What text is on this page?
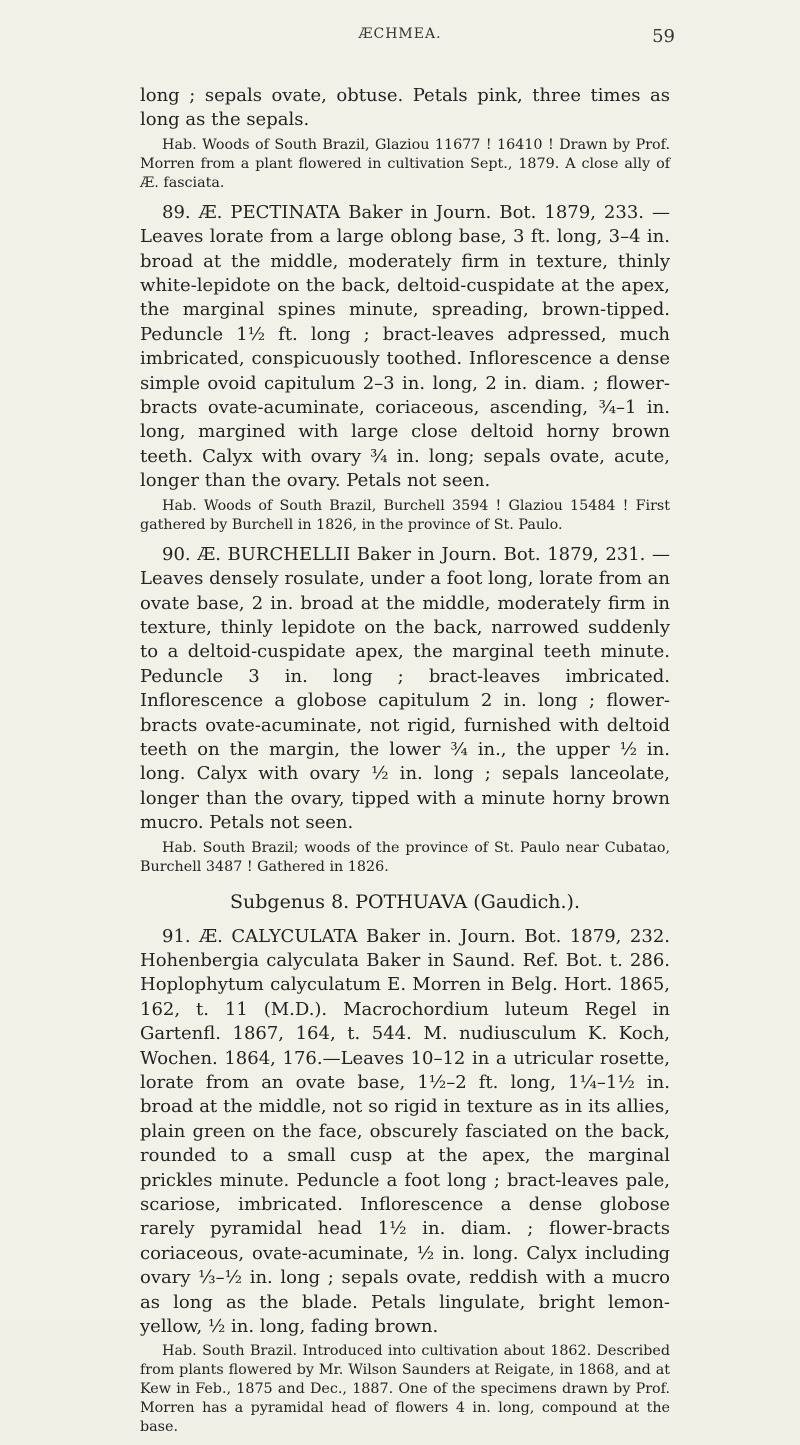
ÆCHMEA.	59

long ; sepals ovate, obtuse. Petals pink, three times as long as the sepals.

Hab. Woods of South Brazil, Glaziou 11677 ! 16410 ! Drawn by Prof. Morren from a plant flowered in cultivation Sept., 1879. A close ally of Æ. fasciata.

89. Æ. PECTINATA Baker in Journ. Bot. 1879, 233. — Leaves lorate from a large oblong base, 3 ft. long, 3–4 in. broad at the middle, moderately firm in texture, thinly white-lepidote on the back, deltoid-cuspidate at the apex, the marginal spines minute, spreading, brown-tipped. Peduncle 1½ ft. long ; bract-leaves adpressed, much imbricated, conspicuously toothed. Inflorescence a dense simple ovoid capitulum 2–3 in. long, 2 in. diam. ; flower-bracts ovate-acuminate, coriaceous, ascending, ¾–1 in. long, margined with large close deltoid horny brown teeth. Calyx with ovary ¾ in. long; sepals ovate, acute, longer than the ovary. Petals not seen.

Hab. Woods of South Brazil, Burchell 3594 ! Glaziou 15484 ! First gathered by Burchell in 1826, in the province of St. Paulo.

90. Æ. BURCHELLII Baker in Journ. Bot. 1879, 231. — Leaves densely rosulate, under a foot long, lorate from an ovate base, 2 in. broad at the middle, moderately firm in texture, thinly lepidote on the back, narrowed suddenly to a deltoid-cuspidate apex, the marginal teeth minute. Peduncle 3 in. long ; bract-leaves imbricated. Inflorescence a globose capitulum 2 in. long ; flower-bracts ovate-acuminate, not rigid, furnished with deltoid teeth on the margin, the lower ¾ in., the upper ½ in. long. Calyx with ovary ½ in. long ; sepals lanceolate, longer than the ovary, tipped with a minute horny brown mucro. Petals not seen.

Hab. South Brazil; woods of the province of St. Paulo near Cubatao, Burchell 3487 ! Gathered in 1826.

Subgenus 8. POTHUAVA (Gaudich.).

91. Æ. CALYCULATA Baker in. Journ. Bot. 1879, 232. Hohenbergia calyculata Baker in Saund. Ref. Bot. t. 286. Hoplophytum calyculatum E. Morren in Belg. Hort. 1865, 162, t. 11 (M.D.). Macrochordium luteum Regel in Gartenfl. 1867, 164, t. 544. M. nudiusculum K. Koch, Wochen. 1864, 176.—Leaves 10–12 in a utricular rosette, lorate from an ovate base, 1½–2 ft. long, 1¼–1½ in. broad at the middle, not so rigid in texture as in its allies, plain green on the face, obscurely fasciated on the back, rounded to a small cusp at the apex, the marginal prickles minute. Peduncle a foot long ; bract-leaves pale, scariose, imbricated. Inflorescence a dense globose rarely pyramidal head 1½ in. diam. ; flower-bracts coriaceous, ovate-acuminate, ½ in. long. Calyx including ovary ⅓–½ in. long ; sepals ovate, reddish with a mucro as long as the blade. Petals lingulate, bright lemon-yellow, ½ in. long, fading brown.

Hab. South Brazil. Introduced into cultivation about 1862. Described from plants flowered by Mr. Wilson Saunders at Reigate, in 1868, and at Kew in Feb., 1875 and Dec., 1887. One of the specimens drawn by Prof. Morren has a pyramidal head of flowers 4 in. long, compound at the base.
